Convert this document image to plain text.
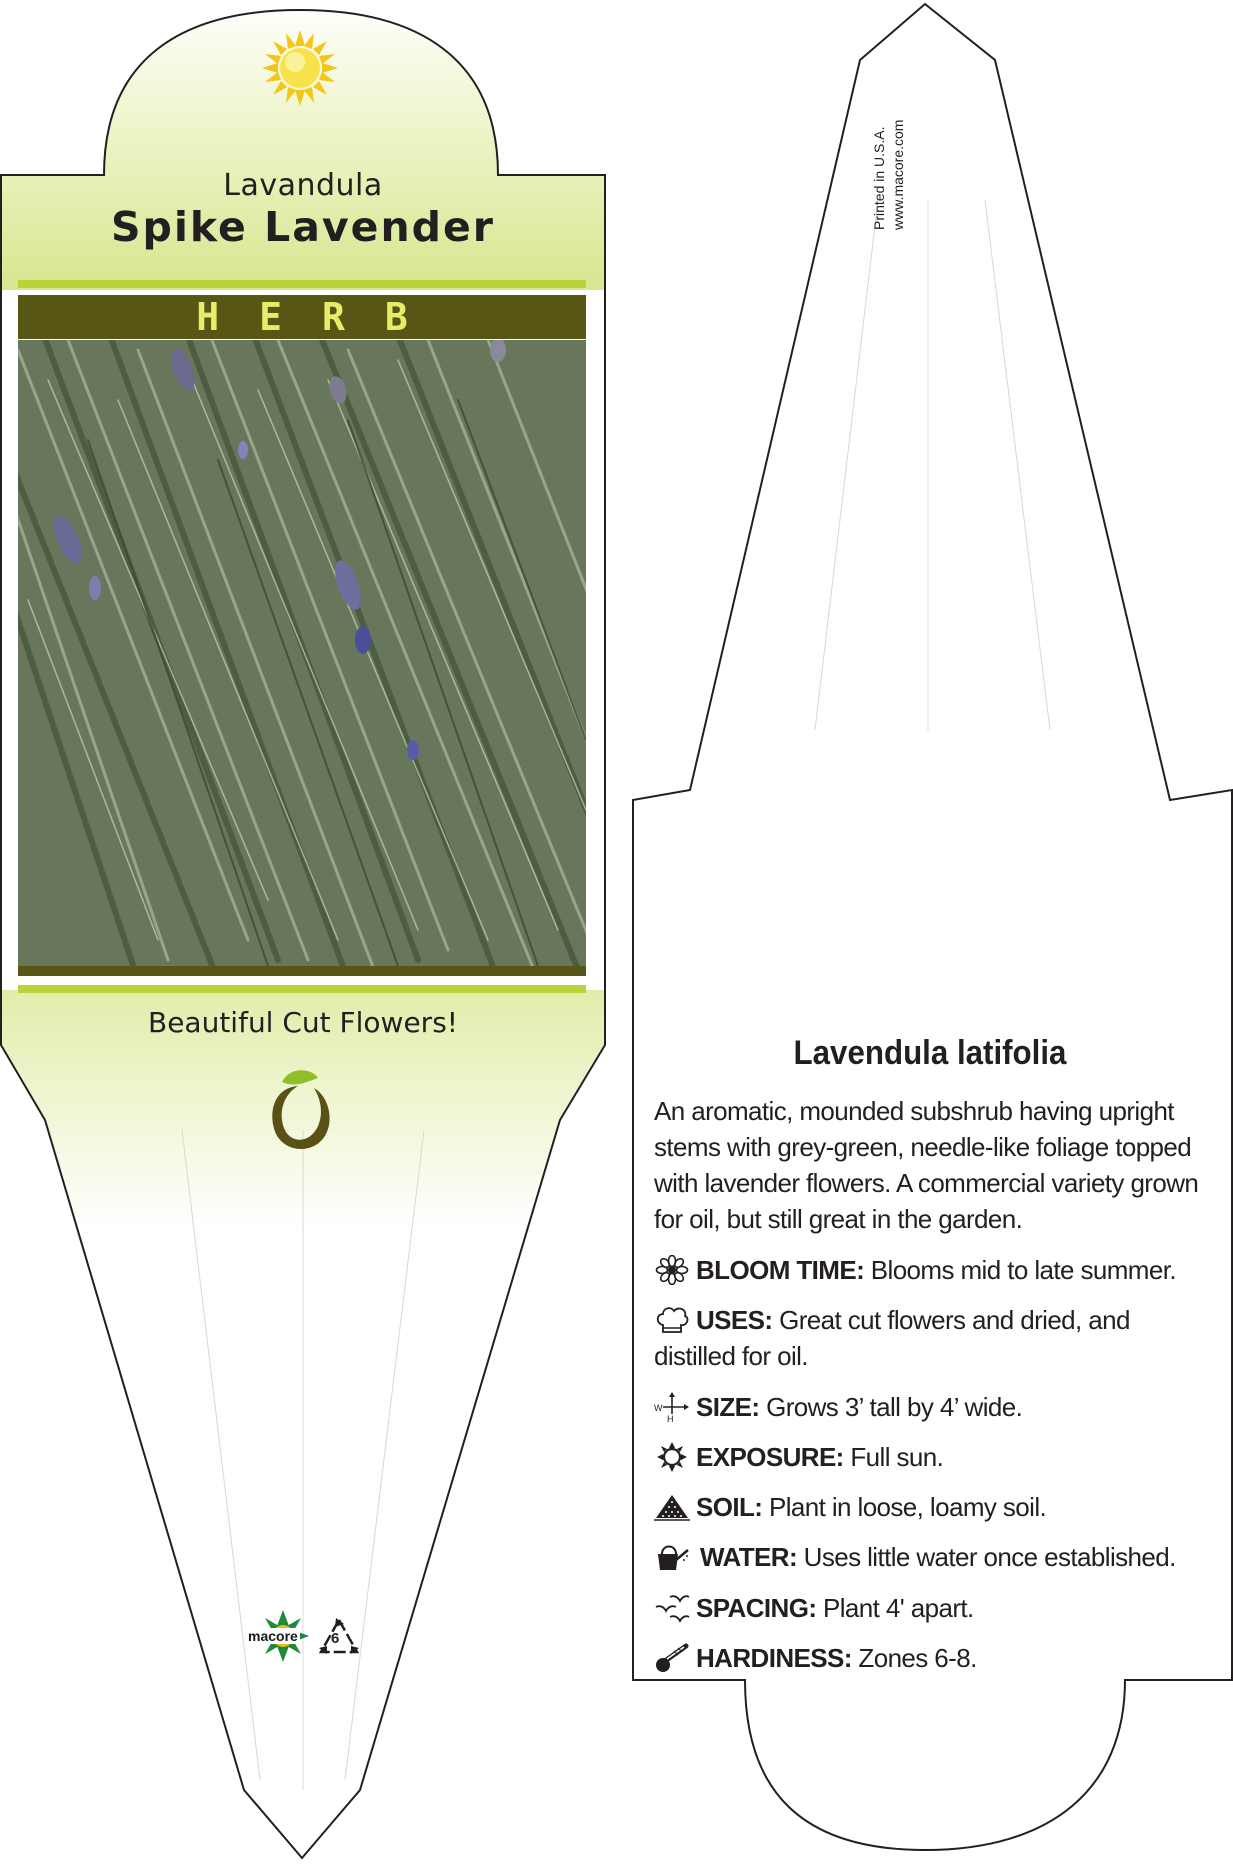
HERB
Lavandula
Spike Lavender
Beautiful Cut Flowers!
macore 6
Printed in U.S.A. www.macore.com
Lavendula latifolia
An aromatic, mounded subshrub having upright stems with grey-green, needle-like foliage topped with lavender flowers. A commercial variety grown for oil, but still great in the garden.
BLOOM TIME: Blooms mid to late summer.
USES: Great cut flowers and dried, and distilled for oil.
W
H SIZE: Grows 3’ tall by 4’ wide.
EXPOSURE: Full sun.
SOIL: Plant in loose, loamy soil.
WATER: Uses little water once established.
SPACING: Plant 4' apart.
HARDINESS: Zones 6-8.
